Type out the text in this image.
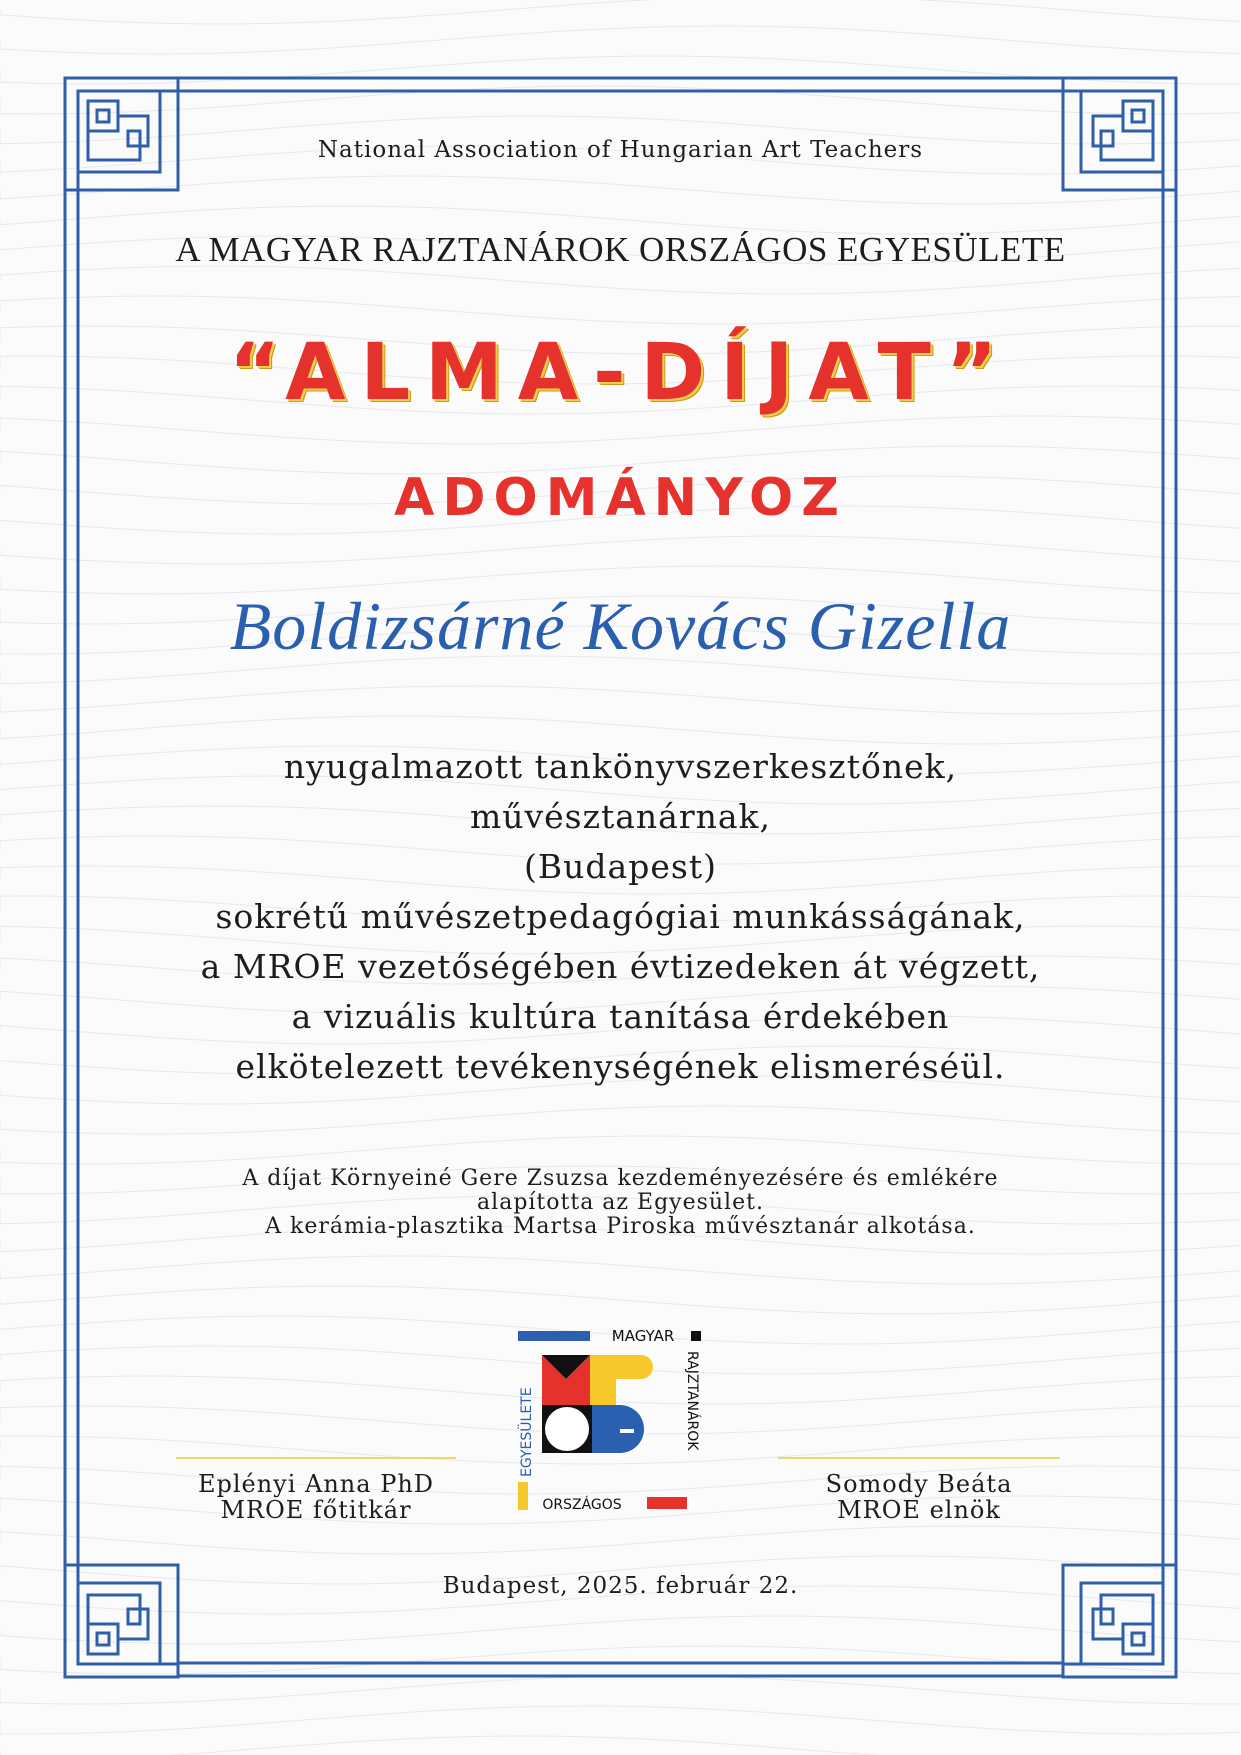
National Association of Hungarian Art Teachers
A MAGYAR RAJZTANÁROK ORSZÁGOS EGYESÜLETE
“ALMA-DÍJAT”
ADOMÁNYOZ
Boldizsárné Kovács Gizella
nyugalmazott tankönyvszerkesztőnek,
művésztanárnak,
(Budapest)
sokrétű művészetpedagógiai munkásságának,
a MROE vezetőségében évtizedeken át végzett,
a vizuális kultúra tanítása érdekében
elkötelezett tevékenységének elismeréséül.
A díjat Környeiné Gere Zsuzsa kezdeményezésére és emlékére
alapította az Egyesület.
A kerámia-plasztika Martsa Piroska művésztanár alkotása.
Eplényi Anna PhD
MROE főtitkár
Somody Beáta
MROE elnök
MAGYAR
RAJZTANÁROK
EGYESÜLETE
ORSZÁGOS
Budapest, 2025. február 22.
